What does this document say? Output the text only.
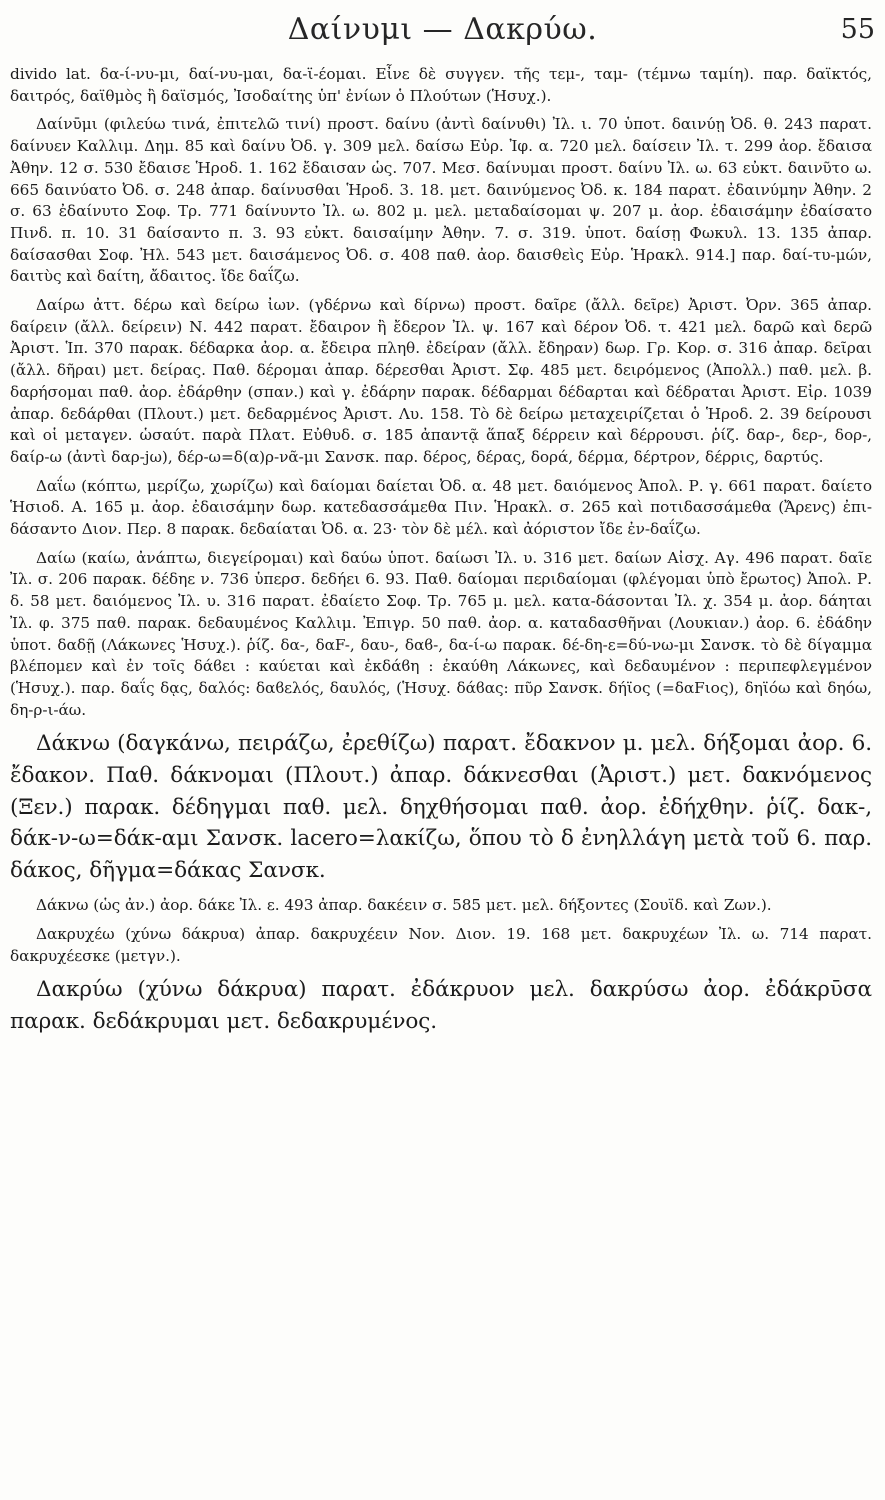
Δαίνυμι — Δακρύω.	55

divido lat. δα-ί-νυ-μι, δαί-νυ-μαι, δα-ϊ-έομαι. Εἶνε δὲ συγγεν. τῆς τεμ-, ταμ- (τέμνω ταμίη). παρ. δαϊκτός, δαιτρός, δαϊθμὸς ἢ δαϊσμός, Ἰσοδαίτης ὑπ' ἐνίων ὁ Πλούτων (Ἡσυχ.).

Δαίνῡμι (φιλεύω τινά, ἐπιτελῶ τινί) προστ. δαίνυ (ἀντὶ δαίνυθι) Ἰλ. ι. 70 ὑποτ. δαινύῃ Ὀδ. θ. 243 παρατ. δαίνυεν Καλλιμ. Δημ. 85 καὶ δαίνυ Ὀδ. γ. 309 μελ. δαίσω Εὐρ. Ἰφ. α. 720 μελ. δαίσειν Ἰλ. τ. 299 ἀορ. ἔδαισα Ἀθην. 12 σ. 530 ἔδαισε Ἡροδ. 1. 162 ἔδαισαν ὡς. 707. Μεσ. δαίνυμαι προστ. δαίνυ Ἰλ. ω. 63 εὐκτ. δαινῦτο ω. 665 δαινύατο Ὀδ. σ. 248 ἀπαρ. δαίνυσθαι Ἡροδ. 3. 18. μετ. δαινύμενος Ὀδ. κ. 184 παρατ. ἐδαινύμην Ἀθην. 2 σ. 63 ἐδαίνυτο Σοφ. Τρ. 771 δαίνυντο Ἰλ. ω. 802 μ. μελ. μεταδαίσομαι ψ. 207 μ. ἀορ. ἐδαισάμην ἐδαίσατο Πινδ. π. 10. 31 δαίσαντο π. 3. 93 εὐκτ. δαισαίμην Ἀθην. 7. σ. 319. ὑποτ. δαίσῃ Φωκυλ. 13. 135 ἀπαρ. δαίσασθαι Σοφ. Ἠλ. 543 μετ. δαισάμενος Ὀδ. σ. 408 παθ. ἀορ. δαισθεὶς Εὐρ. Ἡρακλ. 914.] παρ. δαί-τυ-μών, δαιτὺς καὶ δαίτη, ἄδαιτος. ἴδε δαΐζω.

Δαίρω ἀττ. δέρω καὶ δείρω ἰων. (γδέρνω καὶ δίρνω) προστ. δαῖρε (ἄλλ. δεῖρε) Ἀριστ. Ὀρν. 365 ἀπαρ. δαίρειν (ἄλλ. δείρειν) Ν. 442 παρατ. ἔδαιρον ἢ ἔδερον Ἰλ. ψ. 167 καὶ δέρον Ὀδ. τ. 421 μελ. δαρῶ καὶ δερῶ Ἀριστ. Ἱπ. 370 παρακ. δέδαρκα ἀορ. α. ἔδειρα πληθ. ἐδείραν (ἄλλ. ἔδηραν) δωρ. Γρ. Κορ. σ. 316 ἀπαρ. δεῖραι (ἄλλ. δῆραι) μετ. δείρας. Παθ. δέρομαι ἀπαρ. δέρεσθαι Ἀριστ. Σφ. 485 μετ. δειρόμενος (Ἀπολλ.) παθ. μελ. β. δαρήσομαι παθ. ἀορ. ἐδάρθην (σπαν.) καὶ γ. ἐδάρην παρακ. δέδαρμαι δέδαρται καὶ δέδραται Ἀριστ. Εἰρ. 1039 ἀπαρ. δεδάρθαι (Πλουτ.) μετ. δεδαρμένος Ἀριστ. Λυ. 158. Τὸ δὲ δείρω μεταχειρίζεται ὁ Ἡροδ. 2. 39 δείρουσι καὶ οἱ μεταγεν. ὡσαύτ. παρὰ Πλατ. Εὐθυδ. σ. 185 ἀπαντᾷ ἅπαξ δέρρειν καὶ δέρρουσι. ῥίζ. δαρ-, δερ-, δορ-, δαίρ-ω (ἀντὶ δαρ-jω), δέρ-ω=δ(α)ρ-νᾶ-μι Σανσκ. παρ. δέρος, δέρας, δορά, δέρμα, δέρτρον, δέρρις, δαρτύς.

Δαΐω (κόπτω, μερίζω, χωρίζω) καὶ δαίομαι δαίεται Ὀδ. α. 48 μετ. δαιόμενος Ἀπολ. Ρ. γ. 661 παρατ. δαίετο Ἡσιοδ. Α. 165 μ. ἀορ. ἐδαισάμην δωρ. κατεδασσάμεθα Πιν. Ἡρακλ. σ. 265 καὶ ποτιδασσάμεθα (Ἄρενς) ἐπι-δάσαντο Διον. Περ. 8 παρακ. δεδαίαται Ὀδ. α. 23· τὸν δὲ μέλ. καὶ ἀόριστον ἴδε ἐν-δαΐζω.

Δαίω (καίω, ἀνάπτω, διεγείρομαι) καὶ δαύω ὑποτ. δαίωσι Ἰλ. υ. 316 μετ. δαίων Αἰσχ. Αγ. 496 παρατ. δαῖε Ἰλ. σ. 206 παρακ. δέδηε ν. 736 ὑπερσ. δεδήει 6. 93. Παθ. δαίομαι περιδαίομαι (φλέγομαι ὑπὸ ἔρωτος) Ἀπολ. Ρ. δ. 58 μετ. δαιόμενος Ἰλ. υ. 316 παρατ. ἐδαίετο Σοφ. Τρ. 765 μ. μελ. κατα-δάσονται Ἰλ. χ. 354 μ. ἀορ. δάηται Ἰλ. φ. 375 παθ. παρακ. δεδαυμένος Καλλιμ. Ἐπιγρ. 50 παθ. ἀορ. α. καταδασθῆναι (Λουκιαν.) ἀορ. 6. ἐδάδην ὑποτ. δαδῇ (Λάκωνες Ἡσυχ.). ῥίζ. δα-, δαF-, δαυ-, δαϐ-, δα-ί-ω παρακ. δέ-δη-ε=δύ-νω-μι Σανσκ. τὸ δὲ δίγαμμα βλέπομεν καὶ ἐν τοῖς δάϐει : καύεται καὶ ἐκδάϐη : ἐκαύθη Λάκωνες, καὶ δεδαυμένον : περιπεφλεγμένον (Ἡσυχ.). παρ. δαΐς δᾳς, δαλός: δαϐελός, δαυλός, (Ἡσυχ. δάϐας: πῦρ Σανσκ. δήϊος (=δαFιος), δηϊόω καὶ δηόω, δη-ρ-ι-άω.

Δάκνω (δαγκάνω, πειράζω, ἐρεθίζω) παρατ. ἔδακνον μ. μελ. δήξομαι ἀορ. 6. ἔδακον. Παθ. δάκνομαι (Πλουτ.) ἀπαρ. δάκνεσθαι (Ἀριστ.) μετ. δακνόμενος (Ξεν.) παρακ. δέδηγμαι παθ. μελ. δηχθήσομαι παθ. ἀορ. ἐδήχθην. ῥίζ. δακ-, δάκ-ν-ω=δάκ-αμι Σανσκ. lacero=λακίζω, ὅπου τὸ δ ἐνηλλάγη μετὰ τοῦ 6. παρ. δάκος, δῆγμα=δάκας Σανσκ.

Δάκνω (ὡς ἀν.) ἀορ. δάκε Ἰλ. ε. 493 ἀπαρ. δακέειν σ. 585 μετ. μελ. δήξοντες (Σουϊδ. καὶ Ζων.).

Δακρυχέω (χύνω δάκρυα) ἀπαρ. δακρυχέειν Νον. Διον. 19. 168 μετ. δακρυχέων Ἰλ. ω. 714 παρατ. δακρυχέεσκε (μετγν.).

Δακρύω (χύνω δάκρυα) παρατ. ἐδάκρυον μελ. δακρύσω ἀορ. ἐδάκρῡσα παρακ. δεδάκρυμαι μετ. δεδακρυμένος.
